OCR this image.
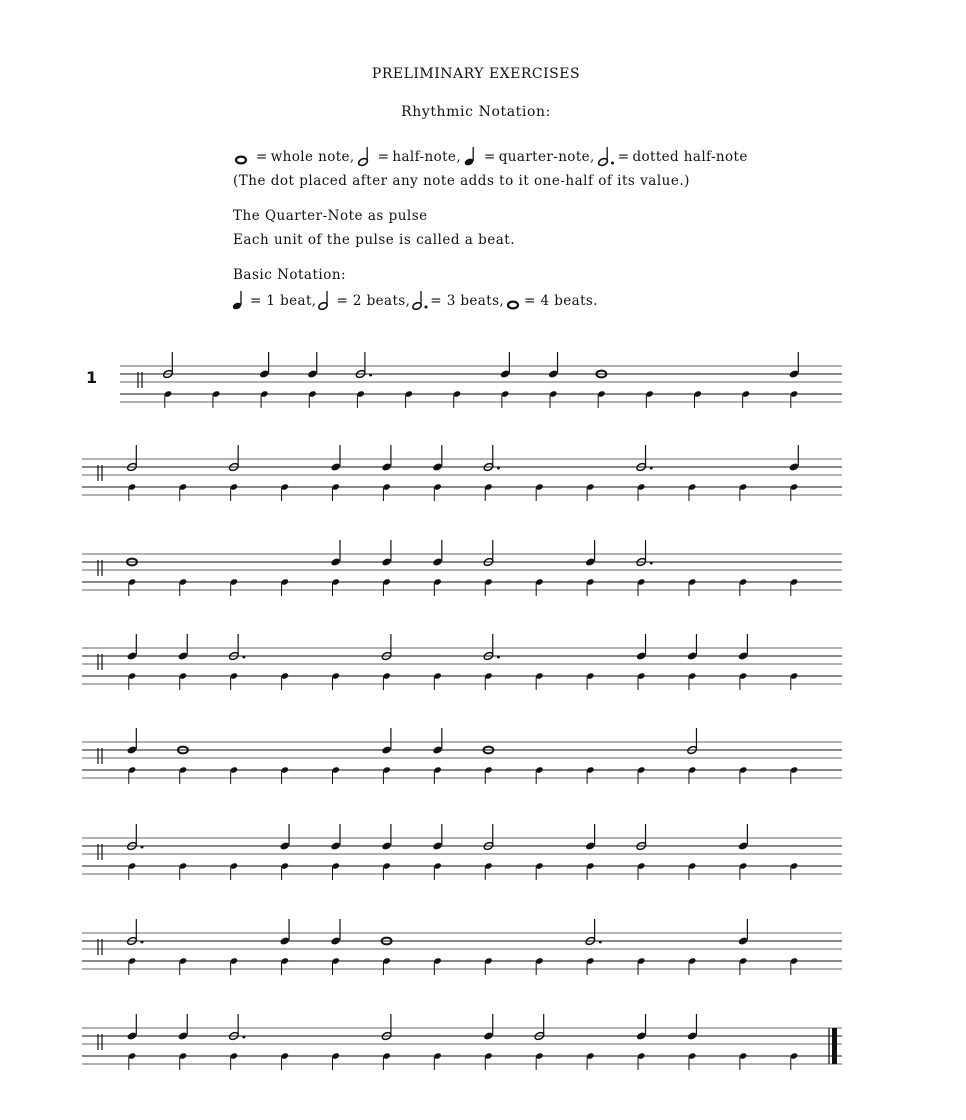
PRELIMINARY EXERCISES
Rhythmic Notation:
= whole note, = half-note, = quarter-note, = dotted half-note
(The dot placed after any note adds to it one-half of its value.)
The Quarter-Note as pulse
Each unit of the pulse is called a beat.
Basic Notation:
= 1 beat, = 2 beats, = 3 beats, = 4 beats.
1
